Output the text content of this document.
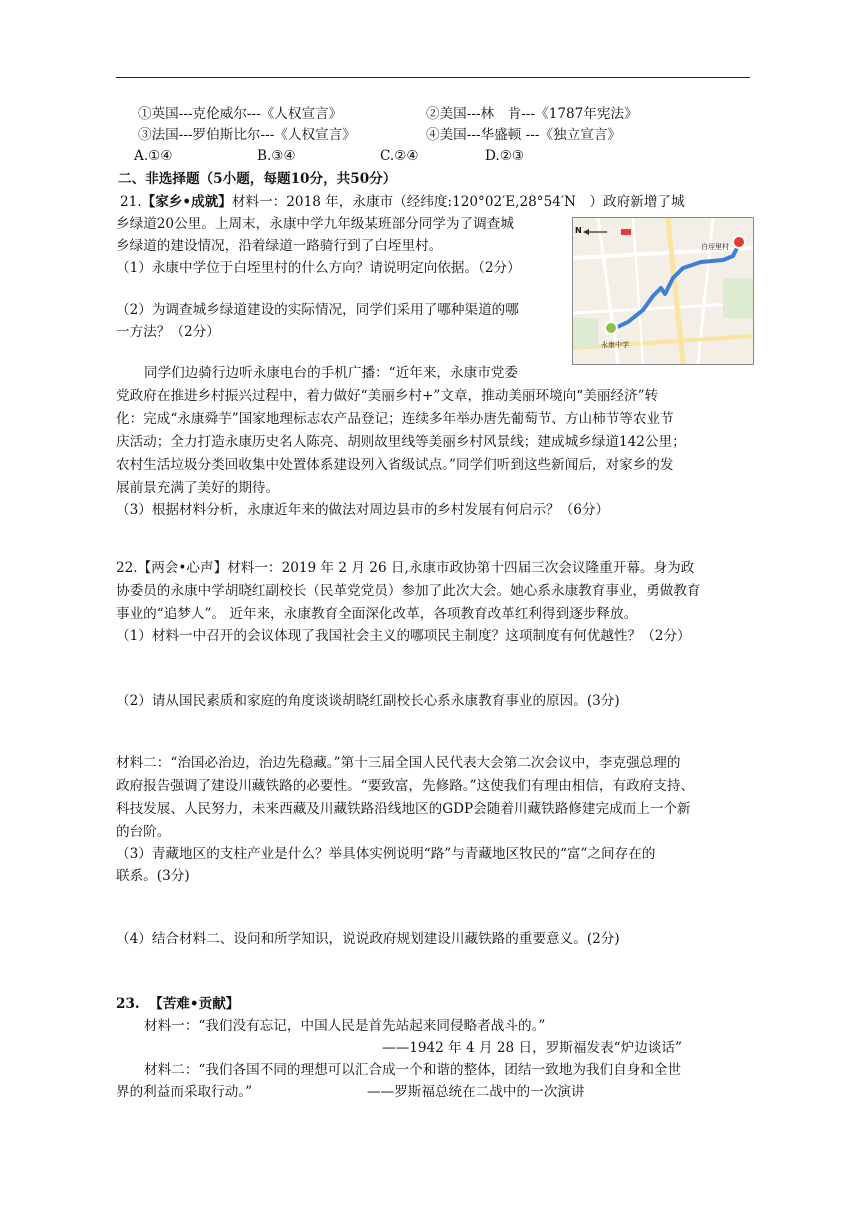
①英国---克伦威尔---《人权宣言》	②美国---林　肯---《1787年宪法》
③法国---罗伯斯比尔---《人权宣言》	④美国---华盛顿 ---《独立宣言》
A.①④	B.③④	C.②④	D.②③
二、非选择题（5小题，每题10分，共50分）
21.【家乡•成就】材料一：2018 年，永康市（经纬度:120°02′E,28°54′N　）政府新增了城
乡绿道20公里。上周末，永康中学九年级某班部分同学为了调查城
乡绿道的建设情况，沿着绿道一路骑行到了白垤里村。
（1）永康中学位于白垤里村的什么方向？请说明定向依据。（2分）
（2）为调查城乡绿道建设的实际情况，同学们采用了哪种渠道的哪
一方法？（2分）
N
白垤里村
永康中学
同学们边骑行边听永康电台的手机广播：“近年来，永康市党委
党政府在推进乡村振兴过程中，着力做好“美丽乡村+”文章，推动美丽环境向“美丽经济”转
化：完成“永康舜芋”国家地理标志农产品登记；连续多年举办唐先葡萄节、方山柿节等农业节
庆活动；全力打造永康历史名人陈亮、胡则故里线等美丽乡村风景线；建成城乡绿道142公里；
农村生活垃圾分类回收集中处置体系建设列入省级试点。”同学们听到这些新闻后，对家乡的发
展前景充满了美好的期待。
（3）根据材料分析，永康近年来的做法对周边县市的乡村发展有何启示？（6分）
22.【两会•心声】材料一：2019 年 2 月 26 日,永康市政协第十四届三次会议隆重开幕。身为政
协委员的永康中学胡晓红副校长（民革党党员）参加了此次大会。她心系永康教育事业，勇做教育
事业的“追梦人”。 近年来，永康教育全面深化改革，各项教育改革红利得到逐步释放。
（1）材料一中召开的会议体现了我国社会主义的哪项民主制度？这项制度有何优越性？（2分）
（2）请从国民素质和家庭的角度谈谈胡晓红副校长心系永康教育事业的原因。(3分)
材料二：“治国必治边，治边先稳藏。”第十三届全国人民代表大会第二次会议中，李克强总理的
政府报告强调了建设川藏铁路的必要性。“要致富，先修路。”这使我们有理由相信，有政府支持、
科技发展、人民努力，未来西藏及川藏铁路沿线地区的GDP会随着川藏铁路修建完成而上一个新
的台阶。
（3）青藏地区的支柱产业是什么？举具体实例说明“路”与青藏地区牧民的“富”之间存在的
联系。(3分)
（4）结合材料二、设问和所学知识，说说政府规划建设川藏铁路的重要意义。(2分)
23. 【苦难•贡献】
材料一：“我们没有忘记，中国人民是首先站起来同侵略者战斗的。”
——1942 年 4 月 28 日，罗斯福发表“炉边谈话”
材料二：“我们各国不同的理想可以汇合成一个和谐的整体，团结一致地为我们自身和全世
界的利益而采取行动。”	——罗斯福总统在二战中的一次演讲
